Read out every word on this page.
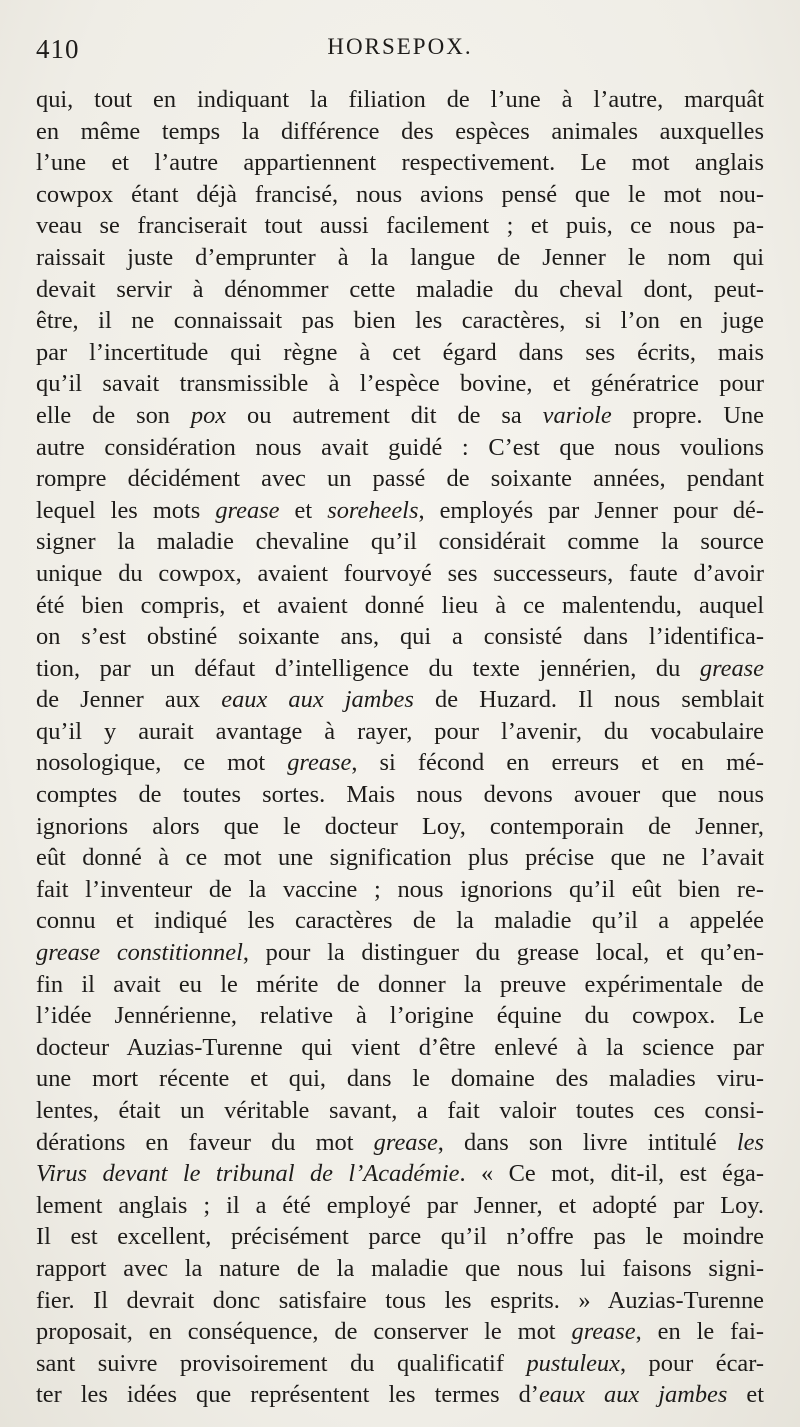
410	HORSEPOX.
qui, tout en indiquant la filiation de l’une à l’autre, marquât
en même temps la différence des espèces animales auxquelles
l’une et l’autre appartiennent respectivement. Le mot anglais
cowpox étant déjà francisé, nous avions pensé que le mot nou-
veau se franciserait tout aussi facilement ; et puis, ce nous pa-
raissait juste d’emprunter à la langue de Jenner le nom qui
devait servir à dénommer cette maladie du cheval dont, peut-
être, il ne connaissait pas bien les caractères, si l’on en juge
par l’incertitude qui règne à cet égard dans ses écrits, mais
qu’il savait transmissible à l’espèce bovine, et génératrice pour
elle de son pox ou autrement dit de sa variole propre. Une
autre considération nous avait guidé : C’est que nous voulions
rompre décidément avec un passé de soixante années, pendant
lequel les mots grease et soreheels, employés par Jenner pour dé-
signer la maladie chevaline qu’il considérait comme la source
unique du cowpox, avaient fourvoyé ses successeurs, faute d’avoir
été bien compris, et avaient donné lieu à ce malentendu, auquel
on s’est obstiné soixante ans, qui a consisté dans l’identifica-
tion, par un défaut d’intelligence du texte jennérien, du grease
de Jenner aux eaux aux jambes de Huzard. Il nous semblait
qu’il y aurait avantage à rayer, pour l’avenir, du vocabulaire
nosologique, ce mot grease, si fécond en erreurs et en mé-
comptes de toutes sortes. Mais nous devons avouer que nous
ignorions alors que le docteur Loy, contemporain de Jenner,
eût donné à ce mot une signification plus précise que ne l’avait
fait l’inventeur de la vaccine ; nous ignorions qu’il eût bien re-
connu et indiqué les caractères de la maladie qu’il a appelée
grease constitionnel, pour la distinguer du grease local, et qu’en-
fin il avait eu le mérite de donner la preuve expérimentale de
l’idée Jennérienne, relative à l’origine équine du cowpox. Le
docteur Auzias-Turenne qui vient d’être enlevé à la science par
une mort récente et qui, dans le domaine des maladies viru-
lentes, était un véritable savant, a fait valoir toutes ces consi-
dérations en faveur du mot grease, dans son livre intitulé les
Virus devant le tribunal de l’Académie. « Ce mot, dit-il, est éga-
lement anglais ; il a été employé par Jenner, et adopté par Loy.
Il est excellent, précisément parce qu’il n’offre pas le moindre
rapport avec la nature de la maladie que nous lui faisons signi-
fier. Il devrait donc satisfaire tous les esprits. » Auzias-Turenne
proposait, en conséquence, de conserver le mot grease, en le fai-
sant suivre provisoirement du qualificatif pustuleux, pour écar-
ter les idées que représentent les termes d’eaux aux jambes et
